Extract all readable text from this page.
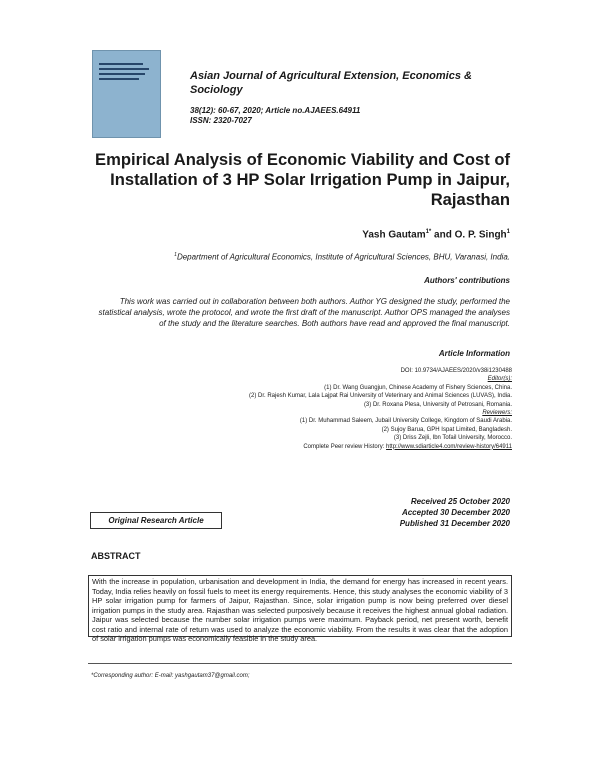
Asian Journal of Agricultural Extension, Economics & Sociology
38(12): 60-67, 2020; Article no.AJAEES.64911
ISSN: 2320-7027
Empirical Analysis of Economic Viability and Cost of Installation of 3 HP Solar Irrigation Pump in Jaipur, Rajasthan
Yash Gautam$^{1*}$ and O. P. Singh$^1$
$^1$Department of Agricultural Economics, Institute of Agricultural Sciences, BHU, Varanasi, India.
Authors' contributions
This work was carried out in collaboration between both authors. Author YG designed the study, performed the statistical analysis, wrote the protocol, and wrote the first draft of the manuscript. Author OPS managed the analyses of the study and the literature searches. Both authors have read and approved the final manuscript.
Article Information
DOI: 10.9734/AJAEES/2020/v38i1230488
Editor(s):
(1) Dr. Wang Guangjun, Chinese Academy of Fishery Sciences, China.
(2) Dr. Rajesh Kumar, Lala Lajpat Rai University of Veterinary and Animal Sciences (LUVAS), India.
(3) Dr. Roxana Plesa, University of Petrosani, Romania.
Reviewers:
(1) Dr. Muhammad Saleem, Jubail University College, Kingdom of Saudi Arabia.
(2) Sujoy Barua, GPH Ispat Limited, Bangladesh.
(3) Driss Zejli, Ibn Tofail University, Morocco.
Complete Peer review History: http://www.sdiarticle4.com/review-history/64911
Received 25 October 2020
Accepted 30 December 2020
Published 31 December 2020
Original Research Article
ABSTRACT
With the increase in population, urbanisation and development in India, the demand for energy has increased in recent years. Today, India relies heavily on fossil fuels to meet its energy requirements. Hence, this study analyses the economic viability of 3 HP solar irrigation pump for farmers of Jaipur, Rajasthan. Since, solar irrigation pump is now being preferred over diesel irrigation pumps in the study area. Rajasthan was selected purposively because it receives the highest annual global radiation. Jaipur was selected because the number solar irrigation pumps were maximum. Payback period, net present worth, benefit cost ratio and internal rate of return was used to analyze the economic viability. From the results it was clear that the adoption of solar irrigation pumps was economically feasible in the study area.
*Corresponding author: E-mail: yashgautam37@gmail.com;
